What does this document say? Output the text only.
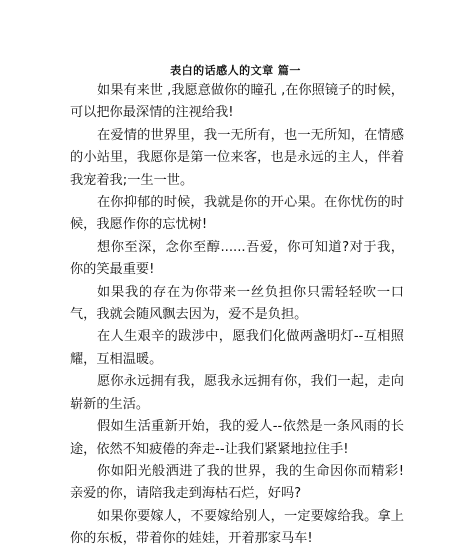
表白的话感人的文章 篇一

如果有来世 ,我愿意做你的瞳孔 ,在你照镜子的时候，可以把你最深情的注视给我!

在爱情的世界里，我一无所有，也一无所知，在情感的小站里，我愿你是第一位来客，也是永远的主人，伴着我宠着我;一生一世。

在你抑郁的时候，我就是你的开心果。在你忧伤的时候，我愿作你的忘忧树!

想你至深，念你至醇......吾爱，你可知道?对于我，你的笑最重要!

如果我的存在为你带来一丝负担你只需轻轻吹一口气，我就会随风飘去因为，爱不是负担。

在人生艰辛的跋涉中，愿我们化做两盏明灯--互相照耀，互相温暖。

愿你永远拥有我，愿我永远拥有你，我们一起，走向崭新的生活。

假如生活重新开始，我的爱人--依然是一条风雨的长途，依然不知疲倦的奔走--让我们紧紧地拉住手!

你如阳光般洒进了我的世界，我的生命因你而精彩!亲爱的你，请陪我走到海枯石烂，好吗?

如果你要嫁人，不要嫁给别人，一定要嫁给我。拿上你的东板，带着你的娃娃，开着那家马车!
